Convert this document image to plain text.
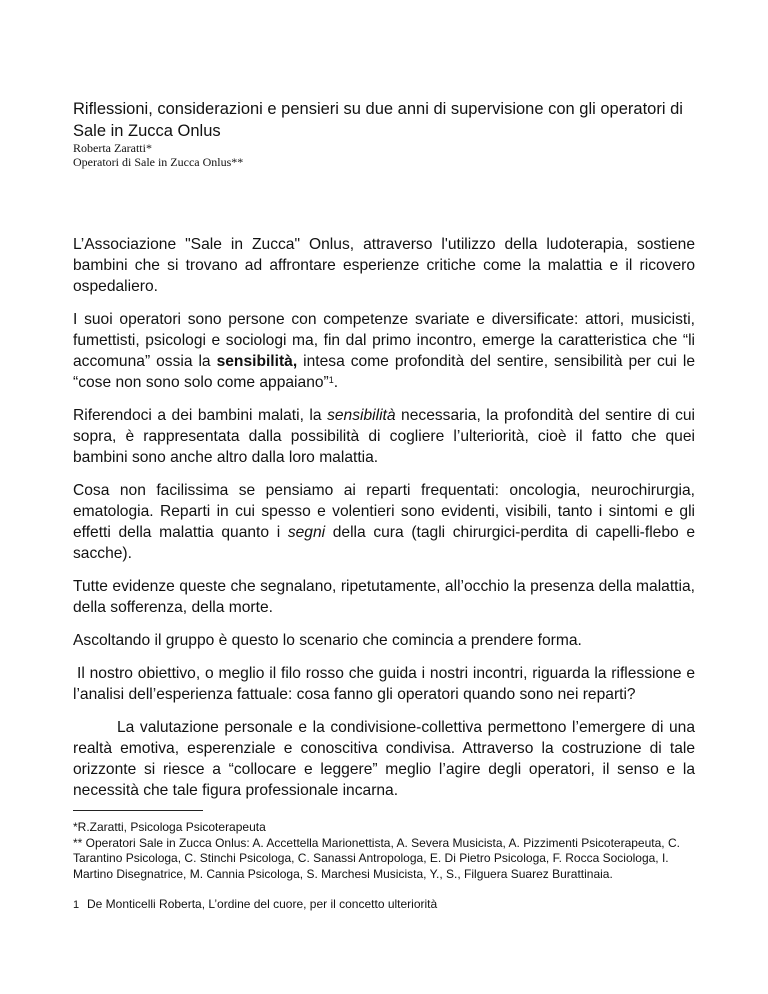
Riflessioni, considerazioni e pensieri su due anni di supervisione con gli operatori di Sale in Zucca Onlus
Roberta Zaratti*
Operatori di Sale in Zucca Onlus**

L’Associazione "Sale in Zucca" Onlus, attraverso l'utilizzo della ludoterapia, sostiene bambini che si trovano ad affrontare esperienze critiche come la malattia e il ricovero ospedaliero.

I suoi operatori sono persone con competenze svariate e diversificate: attori, musicisti, fumettisti, psicologi e sociologi ma, fin dal primo incontro, emerge la caratteristica che “li accomuna” ossia la sensibilità, intesa come profondità del sentire, sensibilità per cui le “cose non sono solo come appaiano”$^1$.

Riferendoci a dei bambini malati, la sensibilità necessaria, la profondità del sentire di cui sopra, è rappresentata dalla possibilità di cogliere l’ulteriorità, cioè il fatto che quei bambini sono anche altro dalla loro malattia.

Cosa non facilissima se pensiamo ai reparti frequentati: oncologia, neurochirurgia, ematologia. Reparti in cui spesso e volentieri sono evidenti, visibili, tanto i sintomi e gli effetti della malattia quanto i segni della cura (tagli chirurgici-perdita di capelli-flebo e sacche).

Tutte evidenze queste che segnalano, ripetutamente, all’occhio la presenza della malattia, della sofferenza, della morte.

Ascoltando il gruppo è questo lo scenario che comincia a prendere forma.

Il nostro obiettivo, o meglio il filo rosso che guida i nostri incontri, riguarda la riflessione e l’analisi dell’esperienza fattuale: cosa fanno gli operatori quando sono nei reparti?

La valutazione personale e la condivisione-collettiva permettono l’emergere di una realtà emotiva, esperenziale e conoscitiva condivisa. Attraverso la costruzione di tale orizzonte si riesce a “collocare e leggere” meglio l’agire degli operatori, il senso e la necessità che tale figura professionale incarna.

*R.Zaratti, Psicologa Psicoterapeuta

** Operatori Sale in Zucca Onlus: A. Accettella Marionettista, A. Severa Musicista, A. Pizzimenti Psicoterapeuta, C. Tarantino Psicologa, C. Stinchi Psicologa, C. Sanassi Antropologa, E. Di Pietro Psicologa, F. Rocca Sociologa, I. Martino Disegnatrice, M. Cannia Psicologa, S. Marchesi Musicista, Y., S., Filguera Suarez Burattinaia.

1 De Monticelli Roberta, L’ordine del cuore, per il concetto ulteriorità
